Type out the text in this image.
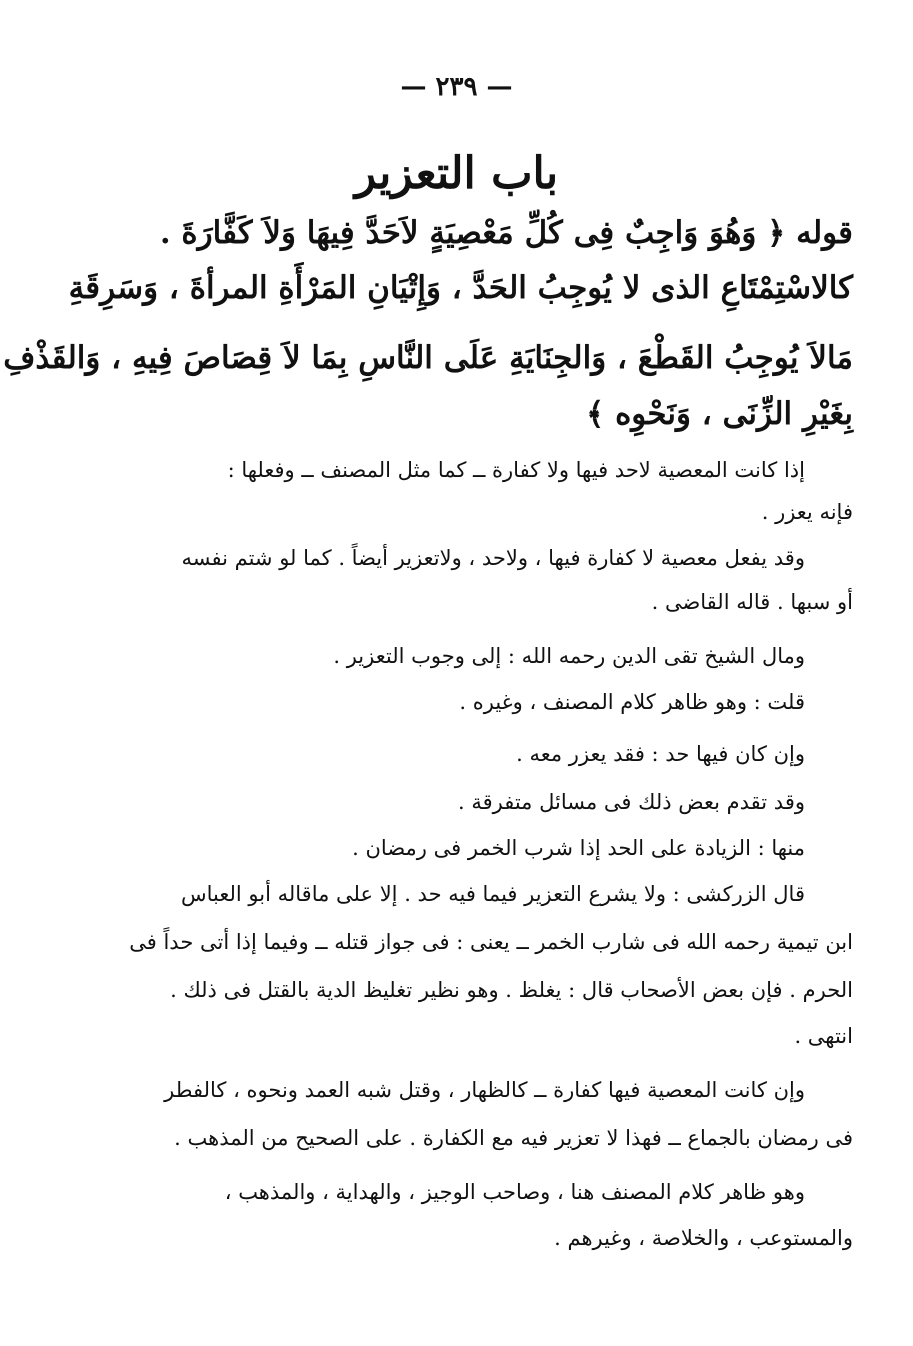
— ٢٣٩ —
باب التعزير
قوله ﴿ وَهُوَ وَاجِبٌ فِى كُلِّ مَعْصِيَةٍ لاَحَدَّ فِيهَا وَلاَ كَفَّارَةَ .
كالاسْتِمْتَاعِ الذى لا يُوجِبُ الحَدَّ ، وَإِتْيَانِ المَرْأَةِ المرأةَ ، وَسَرِقَةِ
مَالاَ يُوجِبُ القَطْعَ ، وَالجِنَايَةِ عَلَى النَّاسِ بِمَا لاَ قِصَاصَ فِيهِ ، وَالقَذْفِ
بِغَيْرِ الزِّنَى ، وَنَحْوِه ﴾
إذا كانت المعصية لاحد فيها ولا كفارة ــ كما مثل المصنف ــ وفعلها :
فإنه يعزر .
وقد يفعل معصية لا كفارة فيها ، ولاحد ، ولاتعزير أيضاً . كما لو شتم نفسه
أو سبها . قاله القاضى .
ومال الشيخ تقى الدين رحمه الله : إلى وجوب التعزير .
قلت : وهو ظاهر كلام المصنف ، وغيره .
وإن كان فيها حد : فقد يعزر معه .
وقد تقدم بعض ذلك فى مسائل متفرقة .
منها : الزيادة على الحد إذا شرب الخمر فى رمضان .
قال الزركشى : ولا يشرع التعزير فيما فيه حد . إلا على ماقاله أبو العباس
ابن تيمية رحمه الله فى شارب الخمر ــ يعنى : فى جواز قتله ــ وفيما إذا أتى حداً فى
الحرم . فإن بعض الأصحاب قال : يغلظ . وهو نظير تغليظ الدية بالقتل فى ذلك .
انتهى .
وإن كانت المعصية فيها كفارة ــ كالظهار ، وقتل شبه العمد ونحوه ، كالفطر
فى رمضان بالجماع ــ فهذا لا تعزير فيه مع الكفارة . على الصحيح من المذهب .
وهو ظاهر كلام المصنف هنا ، وصاحب الوجيز ، والهداية ، والمذهب ،
والمستوعب ، والخلاصة ، وغيرهم .
